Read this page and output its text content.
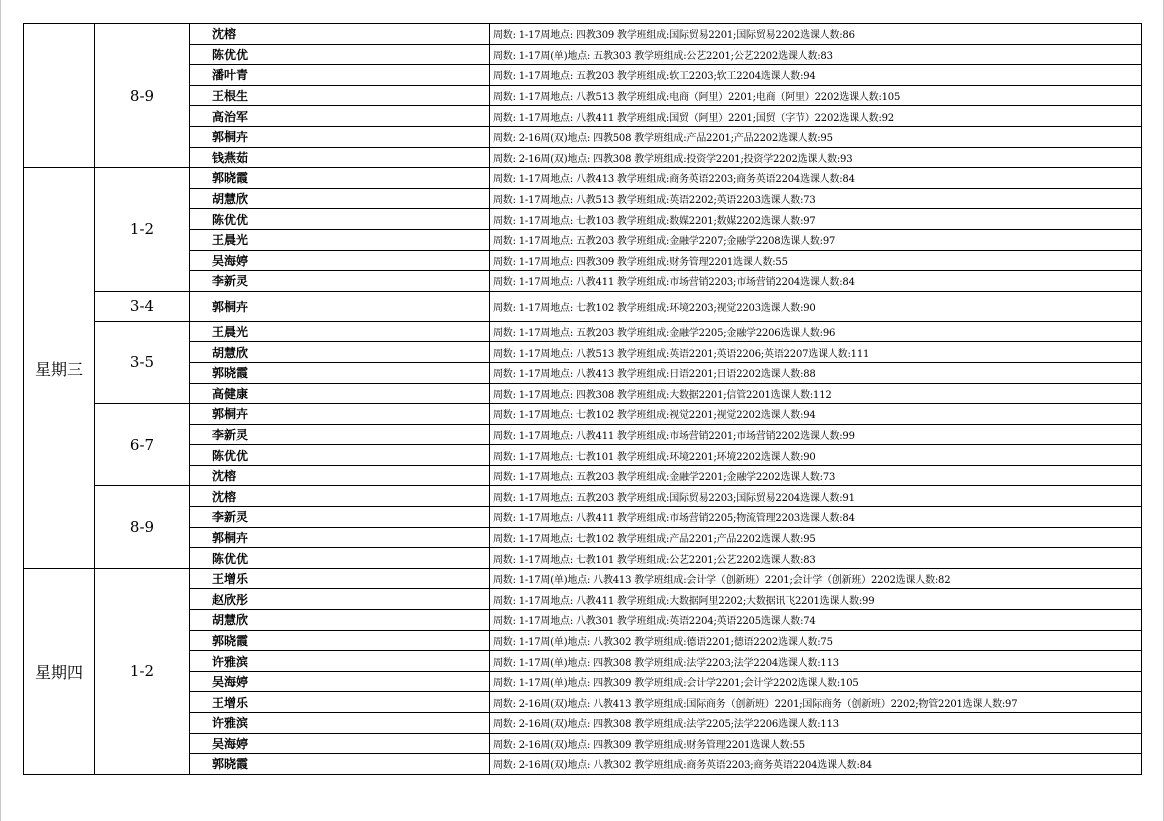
	8-9	沈榕	周数: 1-17周地点: 四教309 教学班组成:国际贸易2201;国际贸易2202选课人数:86
		陈优优	周数: 1-17周(单)地点: 五教303 教学班组成:公艺2201;公艺2202选课人数:83
		潘叶青	周数: 1-17周地点: 五教203 教学班组成:软工2203;软工2204选课人数:94
		王根生	周数: 1-17周地点: 八教513 教学班组成:电商（阿里）2201;电商（阿里）2202选课人数:105
		高治军	周数: 1-17周地点: 八教411 教学班组成:国贸（阿里）2201;国贸（字节）2202选课人数:92
		郭桐卉	周数: 2-16周(双)地点: 四教508 教学班组成:产品2201;产品2202选课人数:95
		钱燕茹	周数: 2-16周(双)地点: 四教308 教学班组成:投资学2201;投资学2202选课人数:93
星期三	1-2	郭晓霞	周数: 1-17周地点: 八教413 教学班组成:商务英语2203;商务英语2204选课人数:84
		胡慧欣	周数: 1-17周地点: 八教513 教学班组成:英语2202;英语2203选课人数:73
		陈优优	周数: 1-17周地点: 七教103 教学班组成:数媒2201;数媒2202选课人数:97
		王晨光	周数: 1-17周地点: 五教203 教学班组成:金融学2207;金融学2208选课人数:97
		吴海婷	周数: 1-17周地点: 四教309 教学班组成:财务管理2201选课人数:55
		李新灵	周数: 1-17周地点: 八教411 教学班组成:市场营销2203;市场营销2204选课人数:84
	3-4	郭桐卉	周数: 1-17周地点: 七教102 教学班组成:环境2203;视觉2203选课人数:90
	3-5	王晨光	周数: 1-17周地点: 五教203 教学班组成:金融学2205;金融学2206选课人数:96
		胡慧欣	周数: 1-17周地点: 八教513 教学班组成:英语2201;英语2206;英语2207选课人数:111
		郭晓霞	周数: 1-17周地点: 八教413 教学班组成:日语2201;日语2202选课人数:88
		高健康	周数: 1-17周地点: 四教308 教学班组成:大数据2201;信管2201选课人数:112
	6-7	郭桐卉	周数: 1-17周地点: 七教102 教学班组成:视觉2201;视觉2202选课人数:94
		李新灵	周数: 1-17周地点: 八教411 教学班组成:市场营销2201;市场营销2202选课人数:99
		陈优优	周数: 1-17周地点: 七教101 教学班组成:环境2201;环境2202选课人数:90
		沈榕	周数: 1-17周地点: 五教203 教学班组成:金融学2201;金融学2202选课人数:73
	8-9	沈榕	周数: 1-17周地点: 五教203 教学班组成:国际贸易2203;国际贸易2204选课人数:91
		李新灵	周数: 1-17周地点: 八教411 教学班组成:市场营销2205;物流管理2203选课人数:84
		郭桐卉	周数: 1-17周地点: 七教102 教学班组成:产品2201;产品2202选课人数:95
		陈优优	周数: 1-17周地点: 七教101 教学班组成:公艺2201;公艺2202选课人数:83
星期四	1-2	王增乐	周数: 1-17周(单)地点: 八教413 教学班组成:会计学（创新班）2201;会计学（创新班）2202选课人数:82
		赵欣彤	周数: 1-17周地点: 八教411 教学班组成:大数据阿里2202;大数据讯飞2201选课人数:99
		胡慧欣	周数: 1-17周地点: 八教301 教学班组成:英语2204;英语2205选课人数:74
		郭晓霞	周数: 1-17周(单)地点: 八教302 教学班组成:德语2201;德语2202选课人数:75
		许雅滨	周数: 1-17周(单)地点: 四教308 教学班组成:法学2203;法学2204选课人数:113
		吴海婷	周数: 1-17周(单)地点: 四教309 教学班组成:会计学2201;会计学2202选课人数:105
		王增乐	周数: 2-16周(双)地点: 八教413 教学班组成:国际商务（创新班）2201;国际商务（创新班）2202;物管2201选课人数:97
		许雅滨	周数: 2-16周(双)地点: 四教308 教学班组成:法学2205;法学2206选课人数:113
		吴海婷	周数: 2-16周(双)地点: 四教309 教学班组成:财务管理2201选课人数:55
		郭晓霞	周数: 2-16周(双)地点: 八教302 教学班组成:商务英语2203;商务英语2204选课人数:84
